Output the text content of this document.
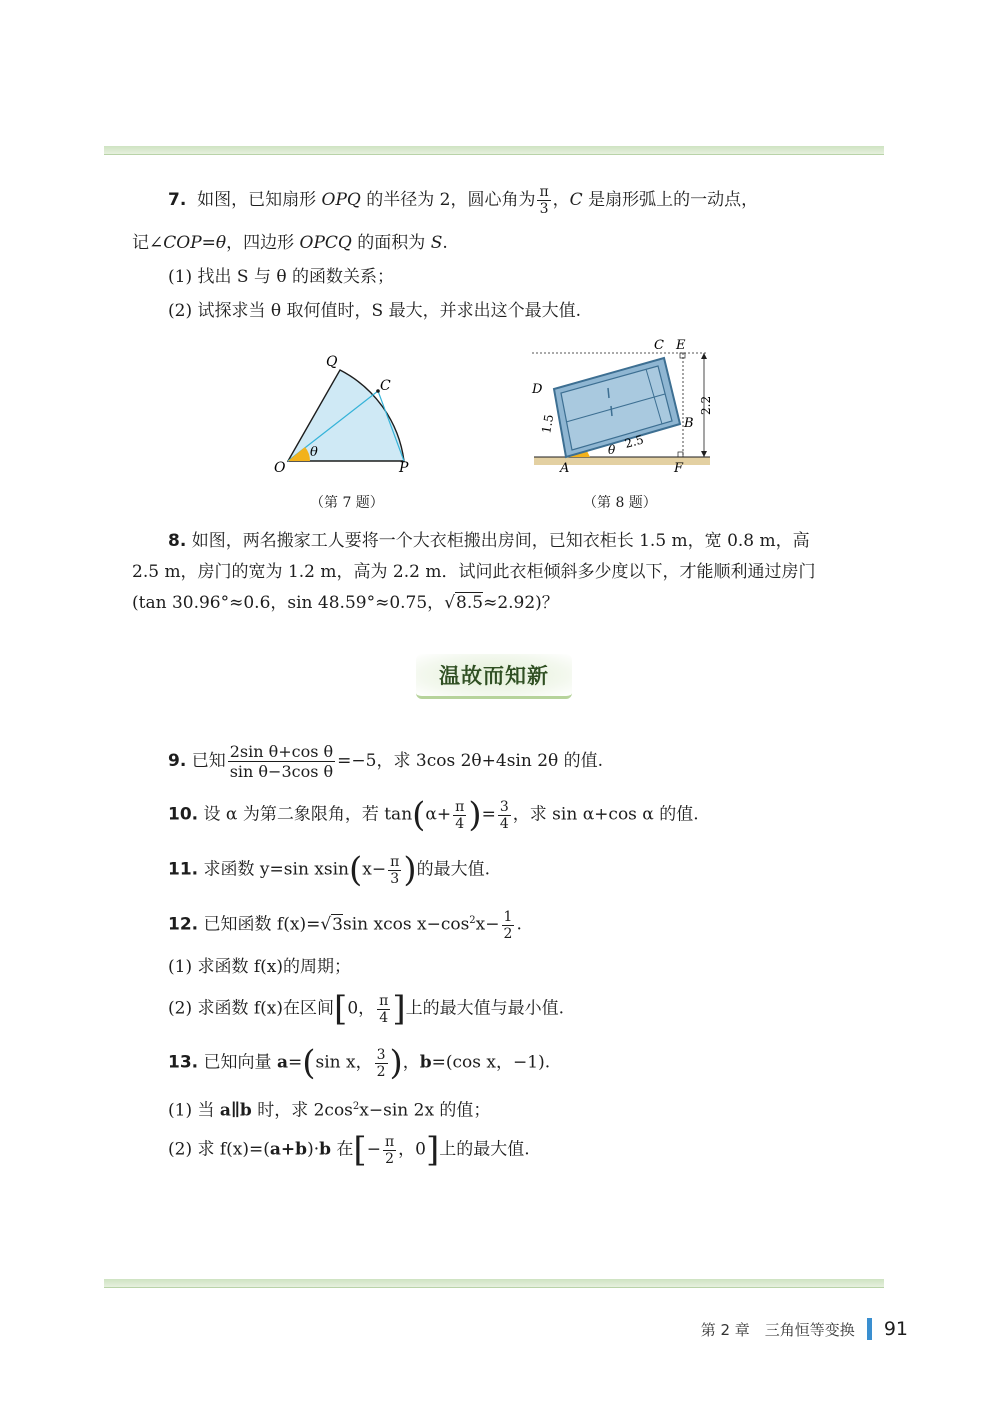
7. 如图，已知扇形 OPQ 的半径为 2，圆心角为 $\frac{\pi}{3}$ ，C 是扇形弧上的一动点，
记∠COP=θ，四边形 OPCQ 的面积为 S.
(1) 找出 S 与 θ 的函数关系；
(2) 试探求当 θ 取何值时，S 最大，并求出这个最大值.
Q
C
O	P
θ
（第 7 题）
C E
D
B
A	F
θ 2.5
1.5
2.2
（第 8 题）
8. 如图，两名搬家工人要将一个大衣柜搬出房间，已知衣柜长 1.5 m，宽 0.8 m，高 2.5 m，房门的宽为 1.2 m，高为 2.2 m．试问此衣柜倾斜多少度以下，才能顺利通过房门(tan 30.96°≈0.6，sin 48.59°≈0.75，√8.5≈2.92)？
温故而知新
9. 已知 $\frac{\text{2sin θ+cos θ}}{\text{sin θ−3cos θ}} =-5$，求 3cos 2θ+4sin 2θ 的值.
10. 设 α 为第二象限角，若 $\tan(\alpha+ \frac{\pi}{4}$ )= $\frac{3}{4}$ ，求 sin α+cos α 的值.
11. 求函数 y=sin $xsin(x- \frac{\pi}{3}$ )的最大值.
12. 已知函数 f(x)=√3sin xcos $x-\cos^2x- \frac{1}{2}$ .
(1) 求函数 f(x)的周期；
(2) 求函数 f(x)在区间[0， $\frac{\pi}{4}$ ]上的最大值与最小值.
13. 已知向量 a=(sin x， $\frac{3}{2}$ )，b=(cos x，−1).
(1) 当 a∥b 时，求 $2\cos^2x-\sin$ 2x 的值；
(2) 求 f(x)=(a+b)·b 在[− $\frac{\pi}{2}$ ，0]上的最大值.
第 2 章　三角恒等变换 91
